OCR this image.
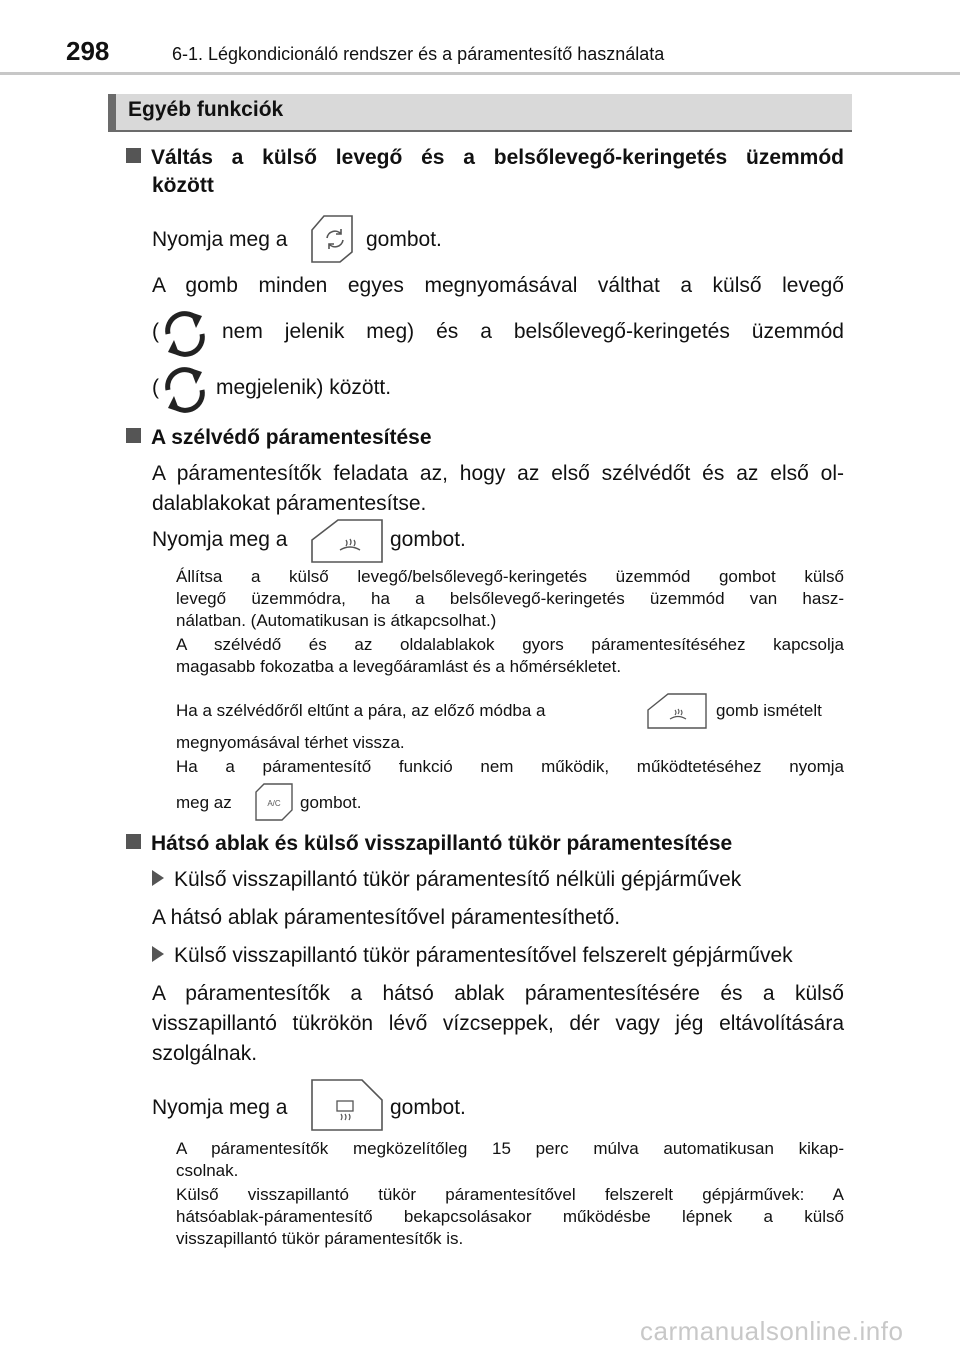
298	6-1. Légkondicionáló rendszer és a páramentesítő használata
Egyéb funkciók
Váltás a külső levegő és a belsőlevegő-keringetés üzemmód
között
Nyomja meg a	gombot.
A gomb minden egyes megnyomásával válthat a külső levegő
(	nem jelenik meg) és a belsőlevegő-keringetés üzemmód
(	megjelenik) között.
A szélvédő páramentesítése
A páramentesítők feladata az, hogy az első szélvédőt és az első ol-
dalablakokat páramentesítse.
Nyomja meg a	gombot.
Állítsa a külső levegő/belsőlevegő-keringetés üzemmód gombot külső
levegő üzemmódra, ha a belsőlevegő-keringetés üzemmód van hasz-
nálatban. (Automatikusan is átkapcsolhat.)
A szélvédő és az oldalablakok gyors páramentesítéséhez kapcsolja
magasabb fokozatba a levegőáramlást és a hőmérsékletet.
Ha a szélvédőről eltűnt a pára, az előző módba a	gomb ismételt
megnyomásával térhet vissza.
Ha a páramentesítő funkció nem működik, működtetéséhez nyomja
meg az	A/C gombot.
Hátsó ablak és külső visszapillantó tükör páramentesítése
Külső visszapillantó tükör páramentesítő nélküli gépjárművek
A hátsó ablak páramentesítővel páramentesíthető.
Külső visszapillantó tükör páramentesítővel felszerelt gépjárművek
A páramentesítők a hátsó ablak páramentesítésére és a külső
visszapillantó tükrökön lévő vízcseppek, dér vagy jég eltávolítására
szolgálnak.
Nyomja meg a	gombot.
A páramentesítők megközelítőleg 15 perc múlva automatikusan kikap-
csolnak.
Külső visszapillantó tükör páramentesítővel felszerelt gépjárművek: A
hátsóablak-páramentesítő bekapcsolásakor működésbe lépnek a külső
visszapillantó tükör páramentesítők is.
carmanualsonline.info
